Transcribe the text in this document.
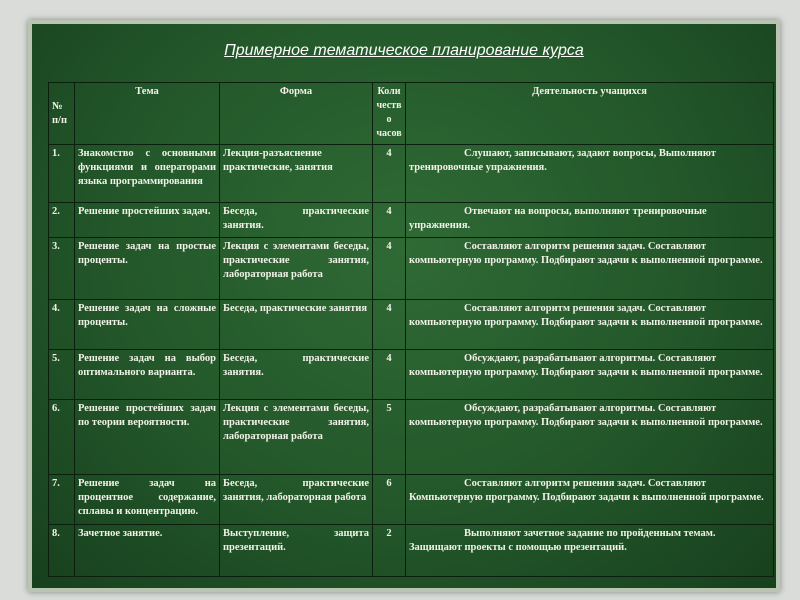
Примерное тематическое планирование курса
№ п/п	Тема	Форма	Коли честв о часов	Деятельность учащихся
1.	Знакомство с основными функциями и операторами языка программирования	Лекция-разъяснение практические, занятия	4	Слушают, записывают, задают вопросы, Выполняют тренировочные упражнения.
2.	Решение простейших задач.	Беседа, практические занятия.	4	Отвечают на вопросы, выполняют тренировочные упражнения.
3.	Решение задач на простые проценты.	Лекция с элементами беседы, практические занятия, лабораторная работа	4	Составляют алгоритм решения задач. Составляют компьютерную программу. Подбирают задачи к выполненной программе.
4.	Решение задач на сложные проценты.	Беседа, практические занятия	4	Составляют алгоритм решения задач. Составляют компьютерную программу. Подбирают задачи к выполненной программе.
5.	Решение задач на выбор оптимального варианта.	Беседа, практические занятия.	4	Обсуждают, разрабатывают алгоритмы. Составляют компьютерную программу. Подбирают задачи к выполненной программе.
6.	Решение простейших задач по теории вероятности.	Лекция с элементами беседы, практические занятия, лабораторная работа	5	Обсуждают, разрабатывают алгоритмы. Составляют компьютерную программу. Подбирают задачи к выполненной программе.
7.	Решение задач на процентное содержание, сплавы и концентрацию.	Беседа, практические занятия, лабораторная работа	6	Составляют алгоритм решения задач. Составляют Компьютерную программу. Подбирают задачи к выполненной программе.
8.	Зачетное занятие.	Выступление, защита презентаций.	2	Выполняют зачетное задание по пройденным темам. Защищают проекты с помощью презентаций.
